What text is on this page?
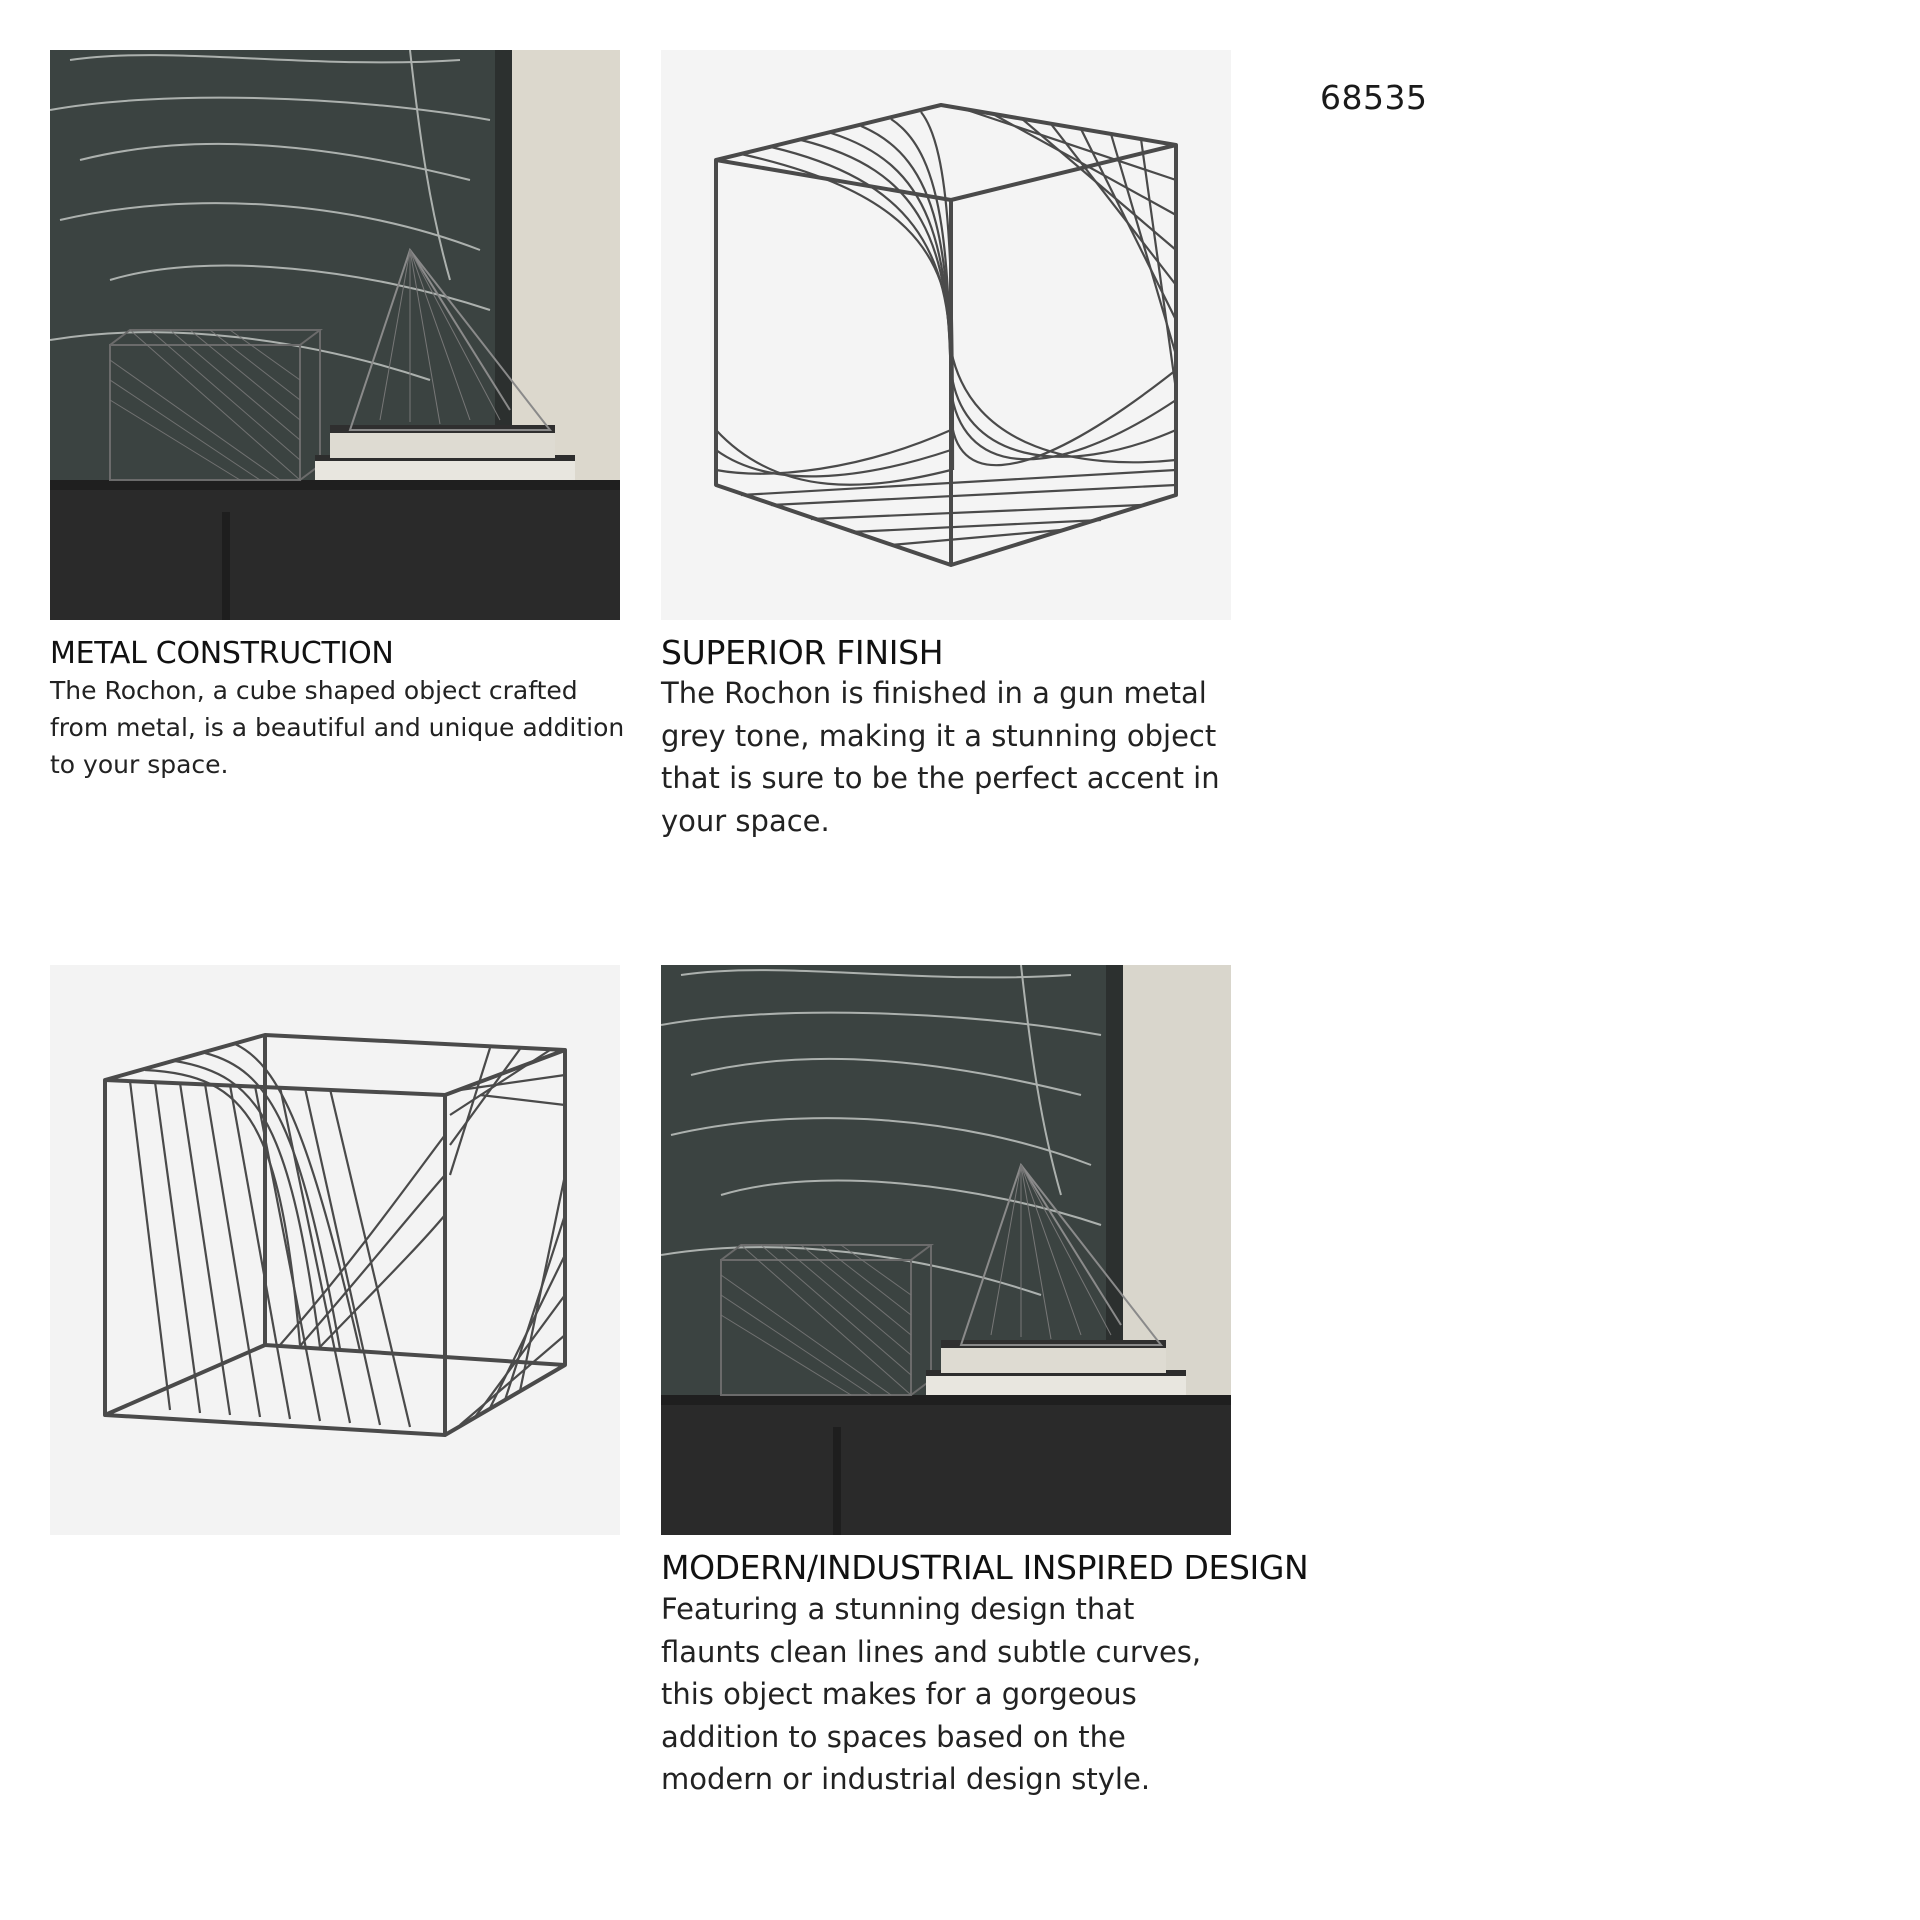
68535
METAL CONSTRUCTION

The Rochon, a cube shaped object crafted from metal, is a beautiful and unique addition to your space.

SUPERIOR FINISH

The Rochon is finished in a gun metal grey tone, making it a stunning object that is sure to be the perfect accent in your space.

MODERN/INDUSTRIAL INSPIRED DESIGN

Featuring a stunning design that flaunts clean lines and subtle curves, this object makes for a gorgeous addition to spaces based on the modern or industrial design style.
